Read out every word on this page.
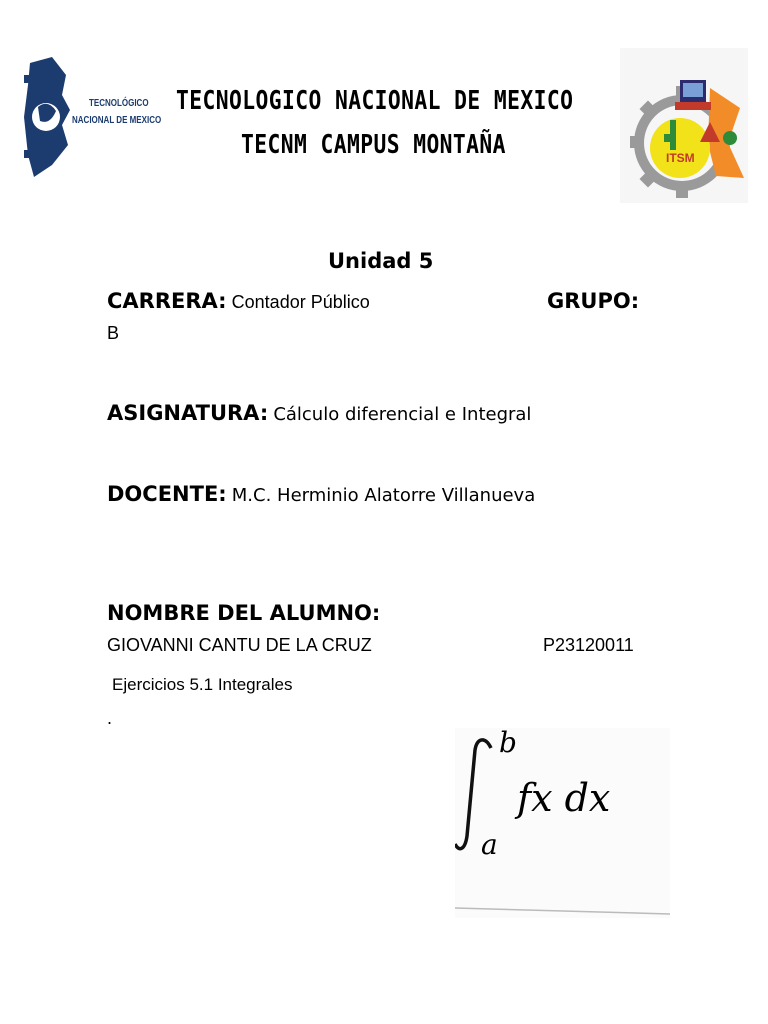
TECNOLÓGICO
NACIONAL DE MEXICO
TECNOLOGICO NACIONAL DE MEXICO
TECNM CAMPUS MONTAÑA	ITSM
Unidad 5
CARRERA: Contador Público	GRUPO:
B
ASIGNATURA: Cálculo diferencial e Integral
DOCENTE: M.C. Herminio Alatorre Villanueva
NOMBRE DEL ALUMNO:
GIOVANNI CANTU DE LA CRUZ	P23120011
Ejercicios 5.1 Integrales
.
b
a
fx dx
